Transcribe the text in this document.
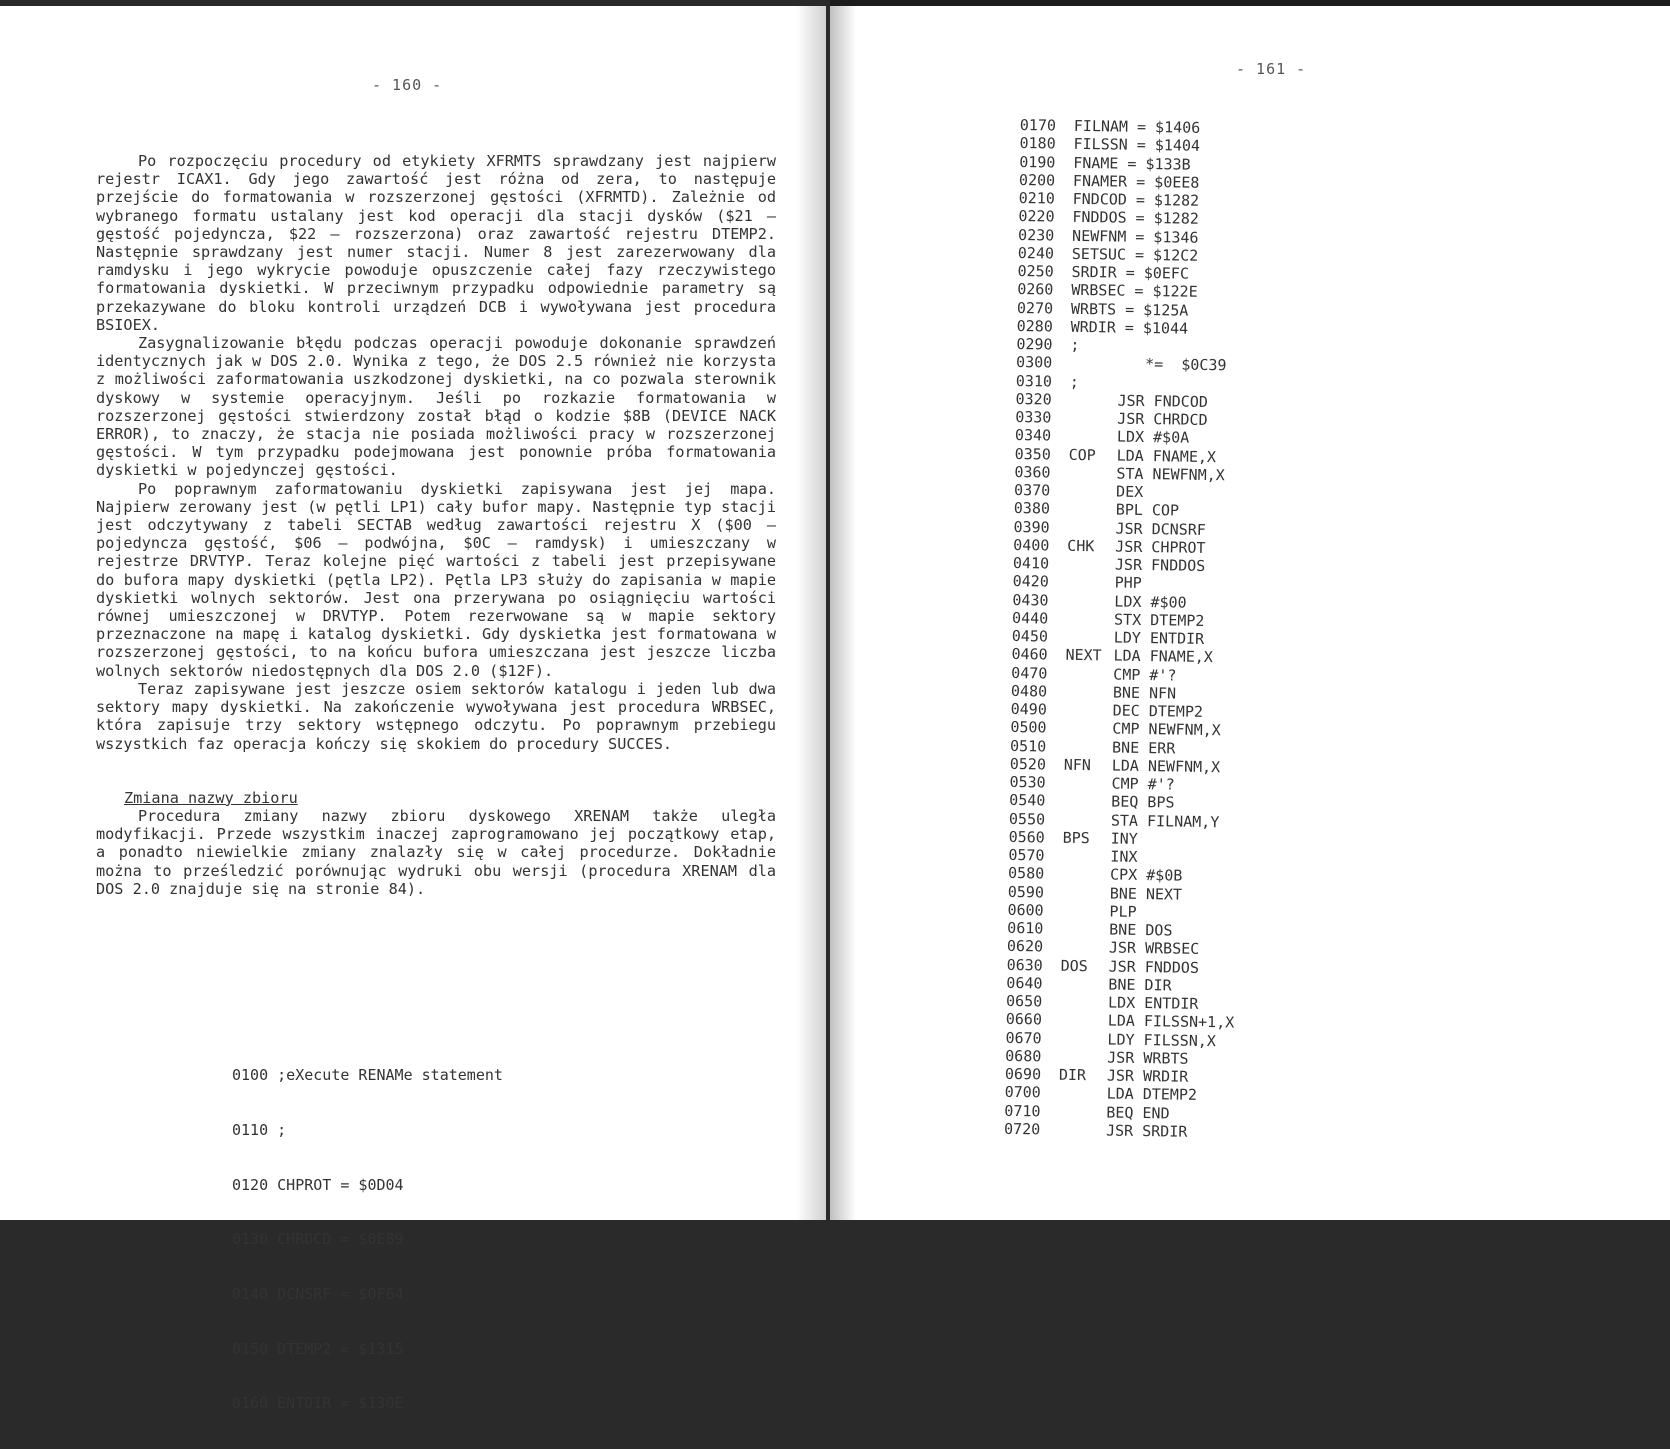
- 160 -

Po rozpoczęciu procedury od etykiety XFRMTS sprawdzany jest najpierw rejestr ICAX1. Gdy jego zawartość jest różna od zera, to następuje przejście do formatowania w rozszerzonej gęstości (XFRMTD). Zależnie od wybranego formatu ustalany jest kod operacji dla stacji dysków ($21 – gęstość pojedyncza, $22 – rozszerzona) oraz zawartość rejestru DTEMP2. Następnie sprawdzany jest numer stacji. Numer 8 jest zarezerwowany dla ramdysku i jego wykrycie powoduje opuszczenie całej fazy rzeczywistego formatowania dyskietki. W przeciwnym przypadku odpowiednie parametry są przekazywane do bloku kontroli urządzeń DCB i wywoływana jest procedura BSIOEX.

Zasygnalizowanie błędu podczas operacji powoduje dokonanie sprawdzeń identycznych jak w DOS 2.0. Wynika z tego, że DOS 2.5 również nie korzysta z możliwości zaformatowania uszkodzonej dyskietki, na co pozwala sterownik dyskowy w systemie operacyjnym. Jeśli po rozkazie formatowania w rozszerzonej gęstości stwierdzony został błąd o kodzie $8B (DEVICE NACK ERROR), to znaczy, że stacja nie posiada możliwości pracy w rozszerzonej gęstości. W tym przypadku podejmowana jest ponownie próba formatowania dyskietki w pojedynczej gęstości.

Po poprawnym zaformatowaniu dyskietki zapisywana jest jej mapa. Najpierw zerowany jest (w pętli LP1) cały bufor mapy. Następnie typ stacji jest odczytywany z tabeli SECTAB według zawartości rejestru X ($00 – pojedyncza gęstość, $06 – podwójna, $0C – ramdysk) i umieszczany w rejestrze DRVTYP. Teraz kolejne pięć wartości z tabeli jest przepisywane do bufora mapy dyskietki (pętla LP2). Pętla LP3 służy do zapisania w mapie dyskietki wolnych sektorów. Jest ona przerywana po osiągnięciu wartości równej umieszczonej w DRVTYP. Potem rezerwowane są w mapie sektory przeznaczone na mapę i katalog dyskietki. Gdy dyskietka jest formatowana w rozszerzonej gęstości, to na końcu bufora umieszczana jest jeszcze liczba wolnych sektorów niedostępnych dla DOS 2.0 ($12F).

Teraz zapisywane jest jeszcze osiem sektorów katalogu i jeden lub dwa sektory mapy dyskietki. Na zakończenie wywoływana jest procedura WRBSEC, która zapisuje trzy sektory wstępnego odczytu. Po poprawnym przebiegu wszystkich faz operacja kończy się skokiem do procedury SUCCES.

Zmiana nazwy zbioru

Procedura zmiany nazwy zbioru dyskowego XRENAM także uległa modyfikacji. Przede wszystkim inaczej zaprogramowano jej początkowy etap, a ponadto niewielkie zmiany znalazły się w całej procedurze. Dokładnie można to prześledzić porównując wydruki obu wersji (procedura XRENAM dla DOS 2.0 znajduje się na stronie 84).

0100 ;eXecute RENAMe statement

0110 ;

0120 CHPROT = $0D04

0130 CHRDCD = $0E89

0140 DCNSRF = $0F64

0150 DTEMP2 = $1315

0160 ENTDIR = $130E

- 161 -
0170 FILNAM = $1406
0180 FILSSN = $1404
0190 FNAME = $133B
0200 FNAMER = $0EE8
0210 FNDCOD = $1282
0220 FNDDOS = $1282
0230 NEWFNM = $1346
0240 SETSUC = $12C2
0250 SRDIR = $0EFC
0260 WRBSEC = $122E
0270 WRBTS = $125A
0280 WRDIR = $1044
0290 ;
0300	*=  $0C39
0310 ;
0320	JSR FNDCOD
0330	JSR CHRDCD
0340	LDX #$0A
0350 COP LDA FNAME,X
0360	STA NEWFNM,X
0370	DEX
0380	BPL COP
0390	JSR DCNSRF
0400 CHK JSR CHPROT
0410	JSR FNDDOS
0420	PHP
0430	LDX #$00
0440	STX DTEMP2
0450	LDY ENTDIR
0460 NEXT LDA FNAME,X
0470	CMP #'?
0480	BNE NFN
0490	DEC DTEMP2
0500	CMP NEWFNM,X
0510	BNE ERR
0520 NFN LDA NEWFNM,X
0530	CMP #'?
0540	BEQ BPS
0550	STA FILNAM,Y
0560 BPS INY
0570	INX
0580	CPX #$0B
0590	BNE NEXT
0600	PLP
0610	BNE DOS
0620	JSR WRBSEC
0630 DOS JSR FNDDOS
0640	BNE DIR
0650	LDX ENTDIR
0660	LDA FILSSN+1,X
0670	LDY FILSSN,X
0680	JSR WRBTS
0690 DIR JSR WRDIR
0700	LDA DTEMP2
0710	BEQ END
0720	JSR SRDIR
